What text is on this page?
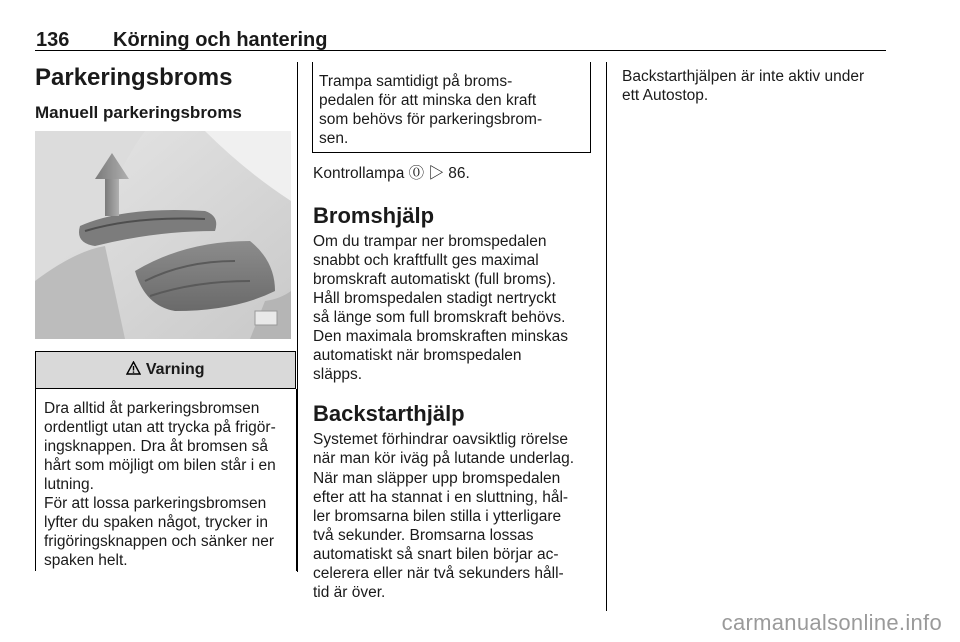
136 Körning och hantering
Parkeringsbroms
Manuell parkeringsbroms
Varning
Dra alltid åt parkeringsbromsen
ordentligt utan att trycka på frigör-
ingsknappen. Dra åt bromsen så
hårt som möjligt om bilen står i en
lutning.
För att lossa parkeringsbromsen
lyfter du spaken något, trycker in
frigöringsknappen och sänker ner
spaken helt.
Trampa samtidigt på broms-
pedalen för att minska den kraft
som behövs för parkeringsbrom-
sen.
Kontrollampa ⓪ ▷ 86.
Bromshjälp
Om du trampar ner bromspedalen
snabbt och kraftfullt ges maximal
bromskraft automatiskt (full broms).
Håll bromspedalen stadigt nertryckt
så länge som full bromskraft behövs.
Den maximala bromskraften minskas
automatiskt när bromspedalen
släpps.
Backstarthjälp
Systemet förhindrar oavsiktlig rörelse
när man kör iväg på lutande underlag.
När man släpper upp bromspedalen
efter att ha stannat i en sluttning, hål-
ler bromsarna bilen stilla i ytterligare
två sekunder. Bromsarna lossas
automatiskt så snart bilen börjar ac-
celerera eller när två sekunders håll-
tid är över.
Backstarthjälpen är inte aktiv under
ett Autostop.
carmanualsonline.info
